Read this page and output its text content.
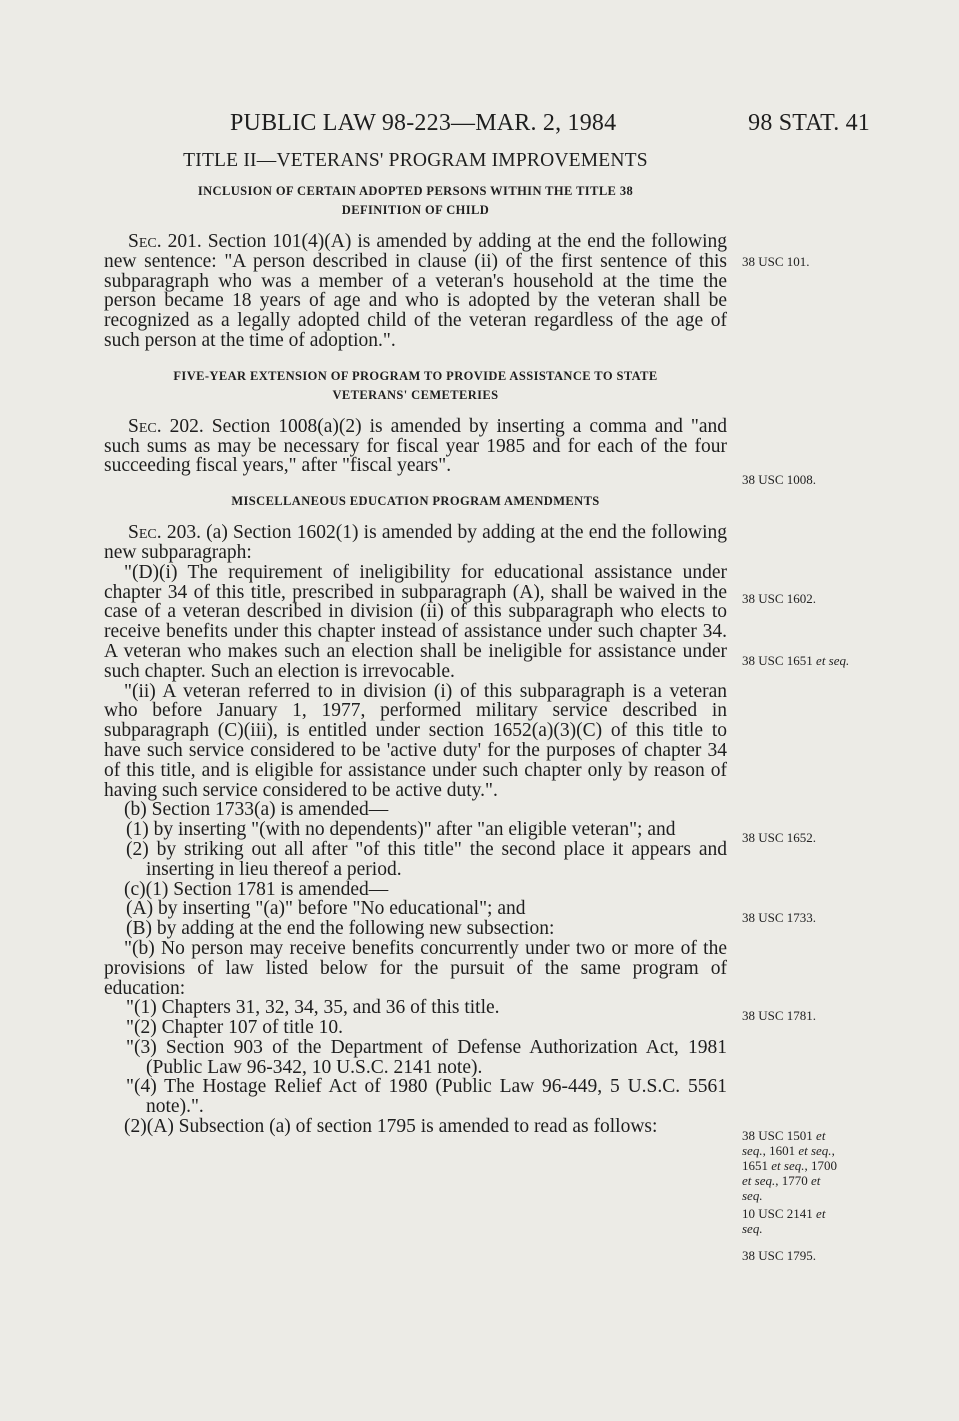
PUBLIC LAW 98-223—MAR. 2, 1984	98 STAT. 41
TITLE II—VETERANS' PROGRAM IMPROVEMENTS
INCLUSION OF CERTAIN ADOPTED PERSONS WITHIN THE TITLE 38
DEFINITION OF CHILD

Sec. 201. Section 101(4)(A) is amended by adding at the end the following new sentence: "A person described in clause (ii) of the first sentence of this subparagraph who was a member of a veteran's household at the time the person became 18 years of age and who is adopted by the veteran shall be recognized as a legally adopted child of the veteran regardless of the age of such person at the time of adoption.".

FIVE-YEAR EXTENSION OF PROGRAM TO PROVIDE ASSISTANCE TO STATE
VETERANS' CEMETERIES

Sec. 202. Section 1008(a)(2) is amended by inserting a comma and "and such sums as may be necessary for fiscal year 1985 and for each of the four succeeding fiscal years," after "fiscal years".

MISCELLANEOUS EDUCATION PROGRAM AMENDMENTS

Sec. 203. (a) Section 1602(1) is amended by adding at the end the following new subparagraph:

"(D)(i) The requirement of ineligibility for educational assistance under chapter 34 of this title, prescribed in subparagraph (A), shall be waived in the case of a veteran described in division (ii) of this subparagraph who elects to receive benefits under this chapter instead of assistance under such chapter 34. A veteran who makes such an election shall be ineligible for assistance under such chapter. Such an election is irrevocable.

"(ii) A veteran referred to in division (i) of this subparagraph is a veteran who before January 1, 1977, performed military service described in subparagraph (C)(iii), is entitled under section 1652(a)(3)(C) of this title to have such service considered to be 'active duty' for the purposes of chapter 34 of this title, and is eligible for assistance under such chapter only by reason of having such service considered to be active duty.".

(b) Section 1733(a) is amended—

(1) by inserting "(with no dependents)" after "an eligible veteran"; and

(2) by striking out all after "of this title" the second place it appears and inserting in lieu thereof a period.

(c)(1) Section 1781 is amended—

(A) by inserting "(a)" before "No educational"; and

(B) by adding at the end the following new subsection:

"(b) No person may receive benefits concurrently under two or more of the provisions of law listed below for the pursuit of the same program of education:

"(1) Chapters 31, 32, 34, 35, and 36 of this title.

"(2) Chapter 107 of title 10.

"(3) Section 903 of the Department of Defense Authorization Act, 1981 (Public Law 96-342, 10 U.S.C. 2141 note).

"(4) The Hostage Relief Act of 1980 (Public Law 96-449, 5 U.S.C. 5561 note).".

(2)(A) Subsection (a) of section 1795 is amended to read as follows:

38 USC 101.
38 USC 1008.
38 USC 1602.
38 USC 1651 et seq.
38 USC 1652.
38 USC 1733.
38 USC 1781.
38 USC 1501 et
seq., 1601 et seq.,
1651 et seq., 1700
et seq., 1770 et
seq.
10 USC 2141 et
seq.
38 USC 1795.
